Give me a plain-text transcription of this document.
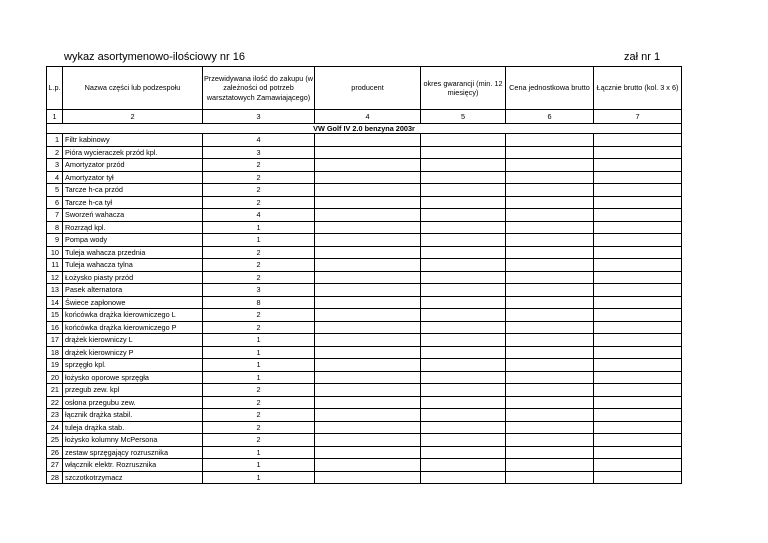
wykaz asortymenowo-ilościowy nr 16	zał nr 1
L.p.	Nazwa części lub podzespołu	Przewidywana ilość do zakupu (w zależności od potrzeb warsztatowych Zamawiającego)	producent	okres gwarancji (min. 12 miesięcy)	Cena jednostkowa brutto	Łącznie brutto (kol. 3 x 6)
1	2	3	4	5	6	7
VW Golf IV 2.0 benzyna 2003r						
1	Filtr kabinowy	4				
2	Pióra wycieraczek przód kpl.	3				
3	Amortyzator przód	2				
4	Amortyzator tył	2				
5	Tarcze h-ca przód	2				
6	Tarcze h-ca tył	2				
7	Sworzeń wahacza	4				
8	Rozrząd kpl.	1				
9	Pompa wody	1				
10	Tuleja wahacza przednia	2				
11	Tuleja wahacza tylna	2				
12	Łożysko piasty przód	2				
13	Pasek alternatora	3				
14	Świece zapłonowe	8				
15	końcówka drążka kierowniczego L	2				
16	końcówka drążka kierowniczego P	2				
17	drążek kierowniczy L	1				
18	drążek kierowniczy P	1				
19	sprzęgło kpl.	1				
20	łożysko oporowe sprzęgła	1				
21	przegub zew. kpl	2				
22	osłona przegubu zew.	2				
23	łącznik drążka stabil.	2				
24	tuleja drążka stab.	2				
25	łożysko kolumny McPersona	2				
26	zestaw sprzęgający rozrusznika	1				
27	włącznik elektr. Rozrusznika	1				
28	szczotkotrzymacz	1				
